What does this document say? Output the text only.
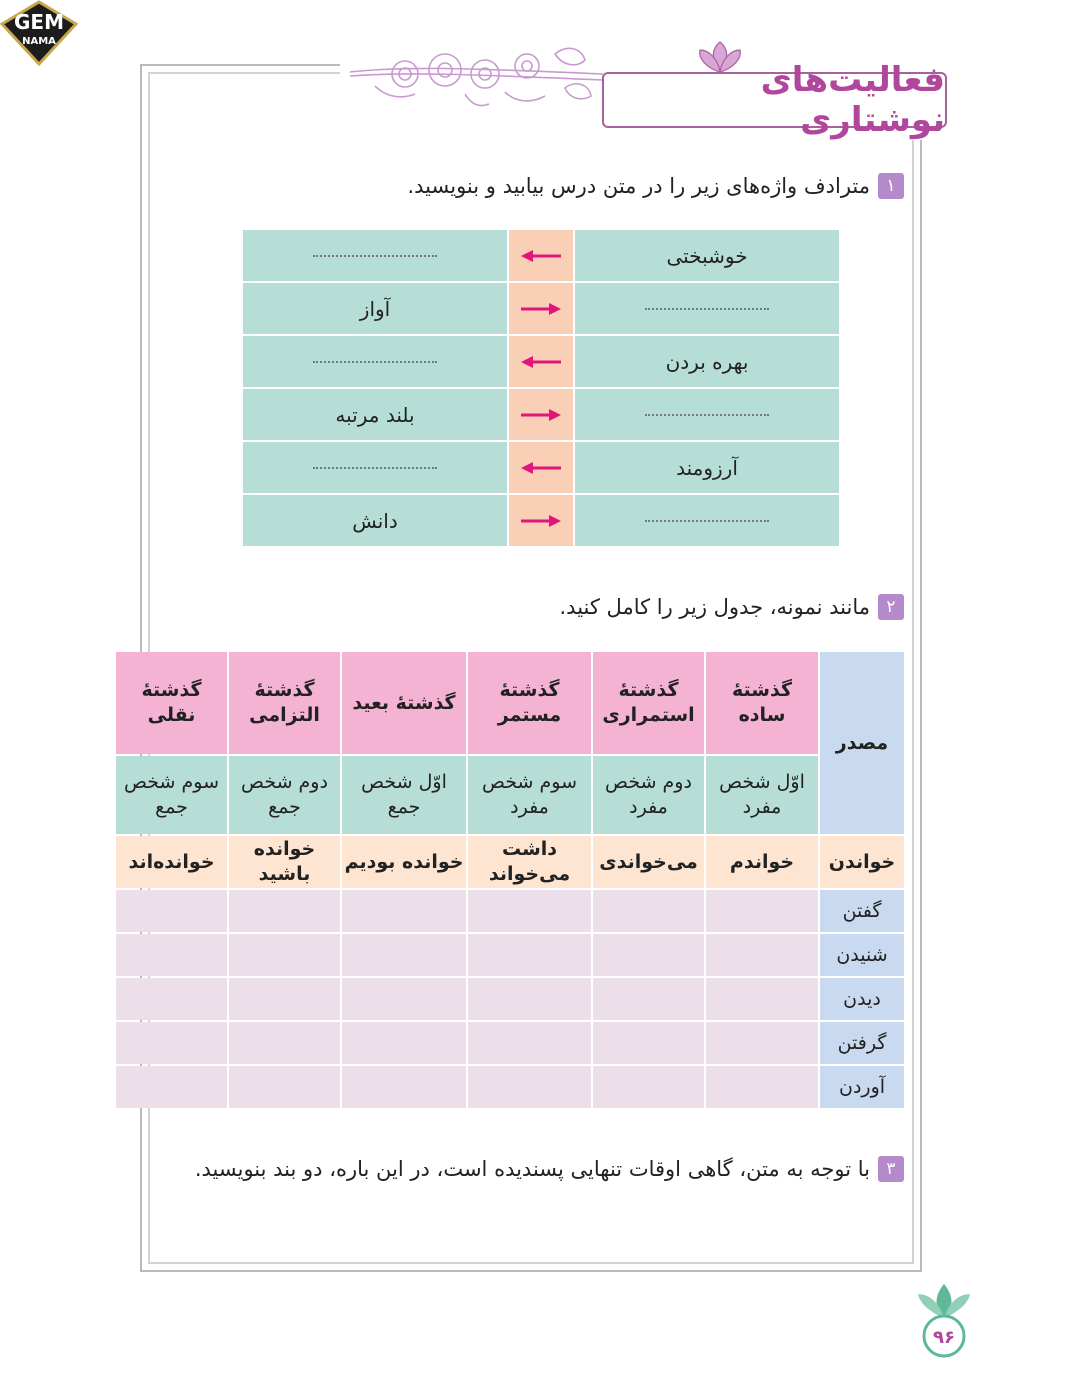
GEM
NAMA
فعالیت‌های نوشتاری
۱
مترادف واژه‌های زیر را در متن درس بیابید و بنویسید.
خوشبختی
آواز
بهره بردن
بلند مرتبه
آرزومند
دانش
۲
مانند نمونه، جدول زیر را کامل کنید.
مصدر
گذشتهٔ ساده
گذشتهٔ استمراری
گذشتهٔ مستمر
گذشتهٔ بعید
گذشتهٔ التزامی
گذشتهٔ نقلی
اوّل شخص مفرد
دوم شخص مفرد
سوم شخص مفرد
اوّل شخص جمع
دوم شخص جمع
سوم شخص جمع
خواندن
خواندم
می‌خواندی
داشت می‌خواند
خوانده بودیم
خوانده باشید
خوانده‌اند
گفتن
شنیدن
دیدن
گرفتن
آوردن
۳
با توجه به متن، گاهی اوقات تنهایی پسندیده است، در این باره، دو بند بنویسید.
۹۶
